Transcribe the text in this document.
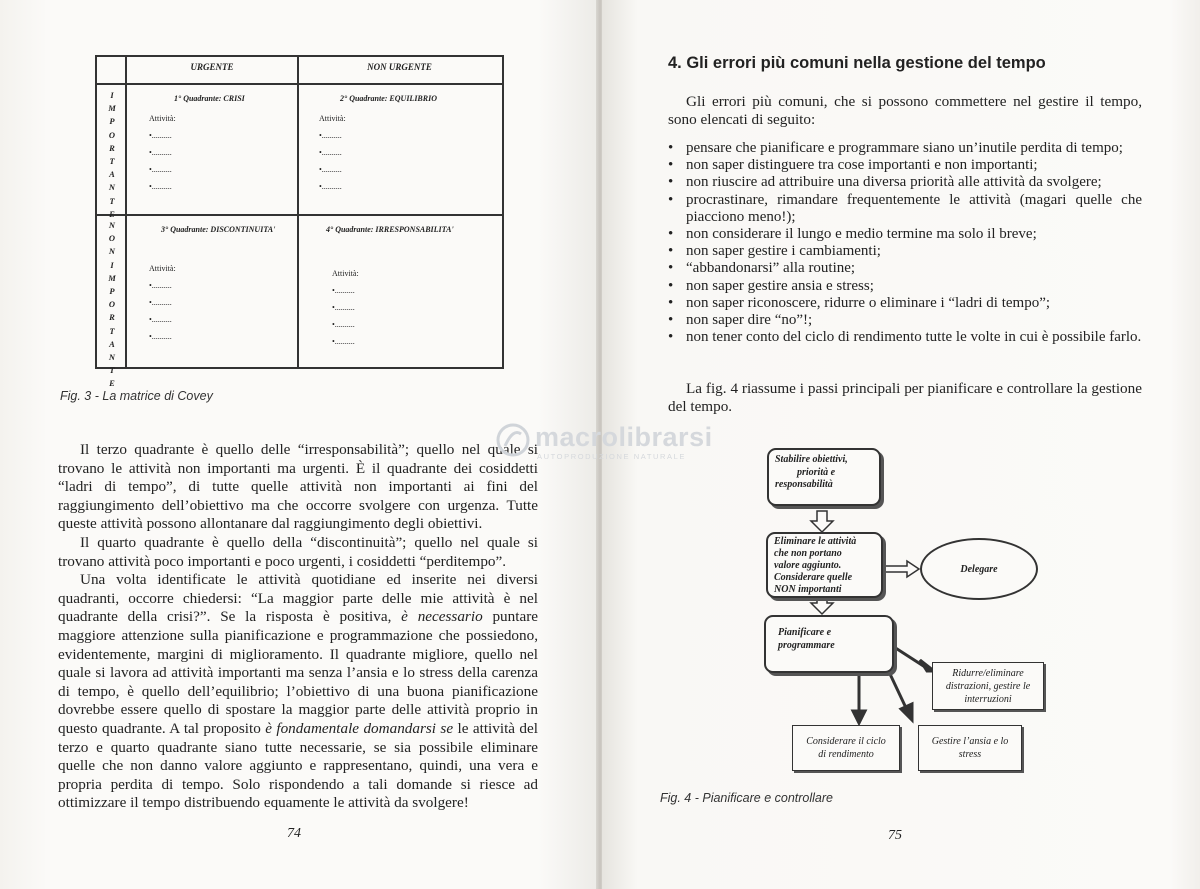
URGENTE	NON URGENTE
I
M
P
O
R
T
A
N
T
E
N
O
N
I
M
P
O
R
T
A
N
T
E
1° Quadrante: CRISI
Attività:
•..........
•..........
•..........
•..........
2° Quadrante: EQUILIBRIO
Attività:
•..........
•..........
•..........
•..........
3° Quadrante: DISCONTINUITA'
Attività:
•..........
•..........
•..........
•..........
4° Quadrante: IRRESPONSABILITA'
Attività:
•..........
•..........
•..........
•..........
Fig. 3 - La matrice di Covey

Il terzo quadrante è quello delle “irresponsabilità”; quello nel quale si trovano le attività non importanti ma urgenti. È il quadrante dei cosiddetti “ladri di tempo”, di tutte quelle attività non importanti ai fini del raggiungimento dell’obiettivo ma che occorre svolgere con urgenza. Tutte queste attività possono allontanare dal raggiungimento degli obiettivi.

Il quarto quadrante è quello della “discontinuità”; quello nel quale si trovano attività poco importanti e poco urgenti, i cosiddetti “perditempo”.

Una volta identificate le attività quotidiane ed inserite nei diversi quadranti, occorre chiedersi: “La maggior parte delle mie attività è nel quadrante della crisi?”. Se la risposta è positiva, è necessario puntare maggiore attenzione sulla pianificazione e programmazione che possiedono, evidentemente, margini di miglioramento. Il quadrante migliore, quello nel quale si lavora ad attività importanti ma senza l’ansia e lo stress della carenza di tempo, è quello dell’equilibrio; l’obiettivo di una buona pianificazione dovrebbe essere quello di spostare la maggior parte delle attività proprio in questo quadrante. A tal proposito è fondamentale domandarsi se le attività del terzo e quarto quadrante siano tutte necessarie, se sia possibile eliminare quelle che non danno valore aggiunto e rappresentano, quindi, una vera e propria perdita di tempo. Solo rispondendo a tali domande si riesce ad ottimizzare il tempo distribuendo equamente le attività da svolgere!

74
4. Gli errori più comuni nella gestione del tempo
Gli errori più comuni, che si possono commettere nel gestire il tempo, sono elencati di seguito:
• pensare che pianificare e programmare siano un’inutile perdita di tempo;
• non saper distinguere tra cose importanti e non importanti;
• non riuscire ad attribuire una diversa priorità alle attività da svolgere;
• procrastinare, rimandare frequentemente le attività (magari quelle che piacciono meno!);
• non considerare il lungo e medio termine ma solo il breve;
• non saper gestire i cambiamenti;
• “abbandonarsi” alla routine;
• non saper gestire ansia e stress;
• non saper riconoscere, ridurre o eliminare i “ladri di tempo”;
• non saper dire “no”!;
• non tener conto del ciclo di rendimento tutte le volte in cui è possibile farlo.
La fig. 4 riassume i passi principali per pianificare e controllare la gestione del tempo.
macrolibrarsi
AUTOPRODUZIONE NATURALE	Stabilire obiettivi,
priorità e
responsabilità
Eliminare le attività
che non portano
valore aggiunto.
Considerare quelle
NON importanti
Delegare
Pianificare e
programmare
Ridurre/eliminare
distrazioni, gestire le
interruzioni
Considerare il ciclo
di rendimento
Gestire l’ansia e lo
stress
Fig. 4 - Pianificare e controllare
75
